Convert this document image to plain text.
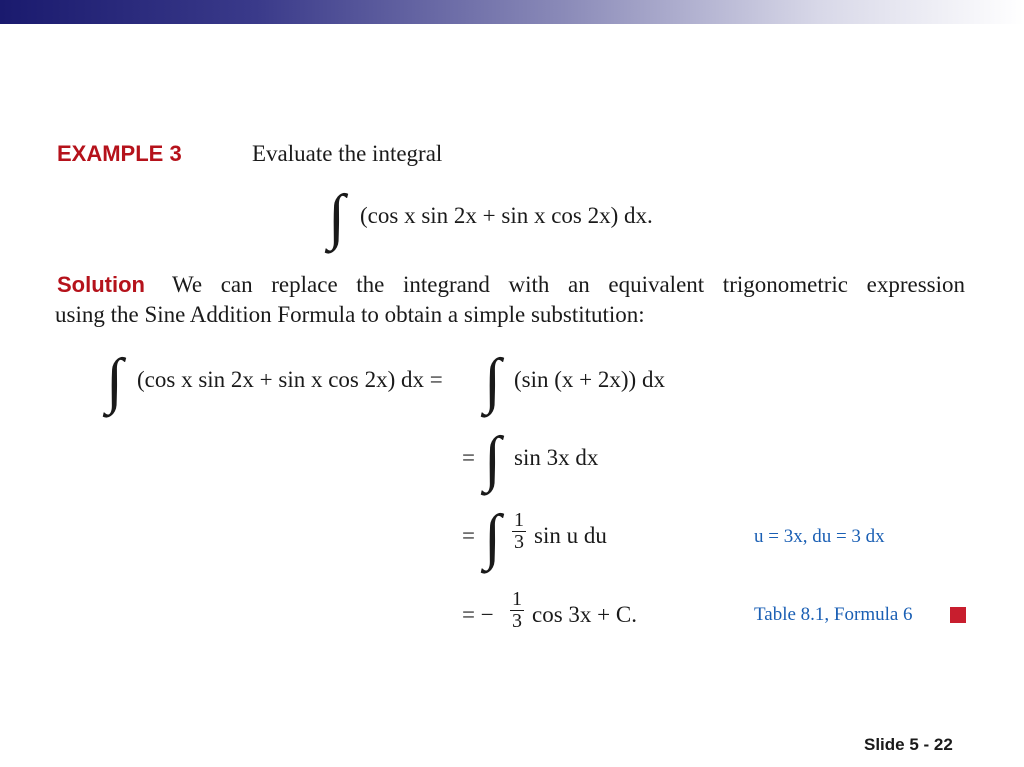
EXAMPLE 3	Evaluate the integral
∫ (cos x sin 2x + sin x cos 2x) dx.
Solution We can replace the integrand with an equivalent trigonometric expression
using the Sine Addition Formula to obtain a simple substitution:
∫ (cos x sin 2x + sin x cos 2x) dx = ∫ (sin (x + 2x)) dx
= ∫ sin 3x dx
= ∫ $\frac{1}{3}$ sin u du	u = 3x, du = 3 dx
= − $\frac{1}{3}$ cos 3x + C.	Table 8.1, Formula 6
Slide 5 - 22
